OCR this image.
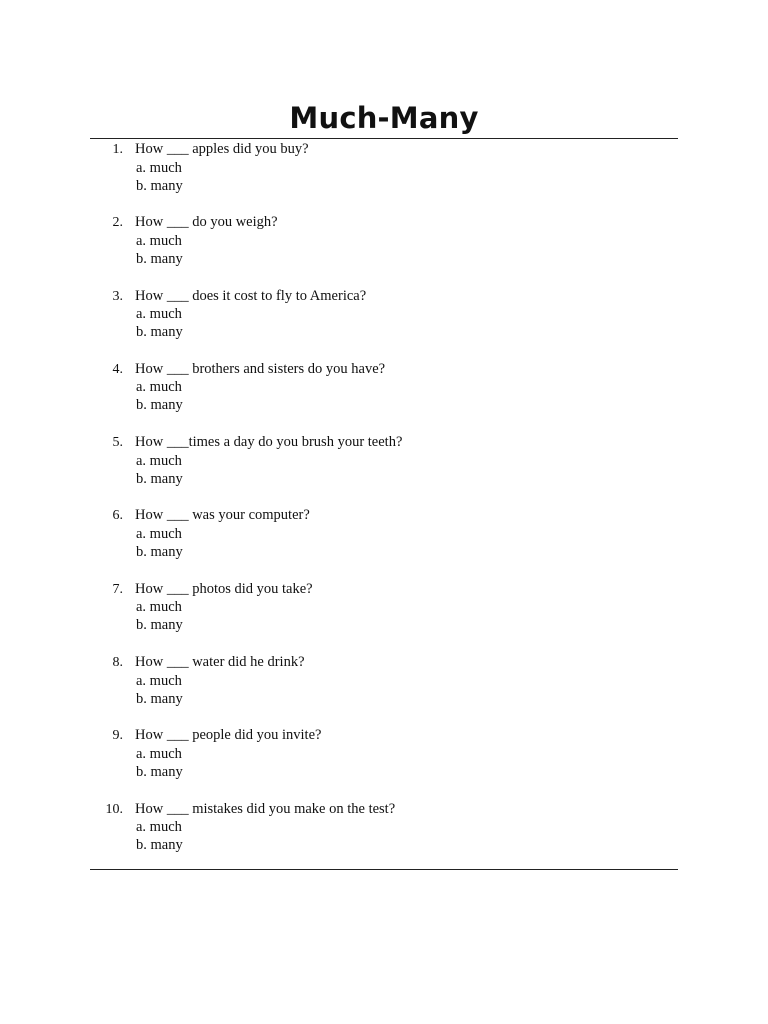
Much-Many
1. How ___ apples did you buy?
a. much
b. many
2. How ___ do you weigh?
a. much
b. many
3. How ___ does it cost to fly to America?
a. much
b. many
4. How ___ brothers and sisters do you have?
a. much
b. many
5. How ___times a day do you brush your teeth?
a. much
b. many
6. How ___ was your computer?
a. much
b. many
7. How ___ photos did you take?
a. much
b. many
8. How ___ water did he drink?
a. much
b. many
9. How ___ people did you invite?
a. much
b. many
10. How ___ mistakes did you make on the test?
a. much
b. many
